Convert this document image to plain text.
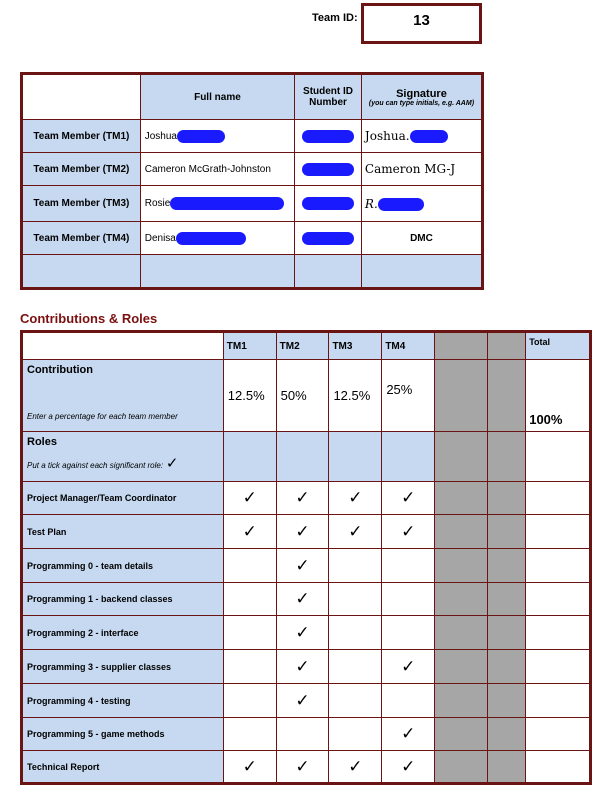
Team ID:	13
	Full name	Student ID Number	Signature
(you can type initials, e.g. AAM)

Team Member (TM1)	Joshua		Joshua.
Team Member (TM2)	Cameron McGrath-Johnston		Cameron MG-J
Team Member (TM3)	Rosie		R.
Team Member (TM4)	Denisa		DMC

Contributions & Roles
	TM1	TM2	TM3	TM4			Total

Contribution
Enter a percentage for each team member	12.5%	50%	12.5%	25%			100%

Roles
Put a tick against each significant role: ✓							
Project Manager/Team Coordinator	✓	✓	✓	✓			
Test Plan	✓	✓	✓	✓			
Programming 0 - team details		✓					
Programming 1 - backend classes		✓					
Programming 2 - interface		✓					
Programming 3 - supplier classes		✓		✓			
Programming 4 - testing		✓					
Programming 5 - game methods				✓			
Technical Report	✓	✓	✓	✓			
